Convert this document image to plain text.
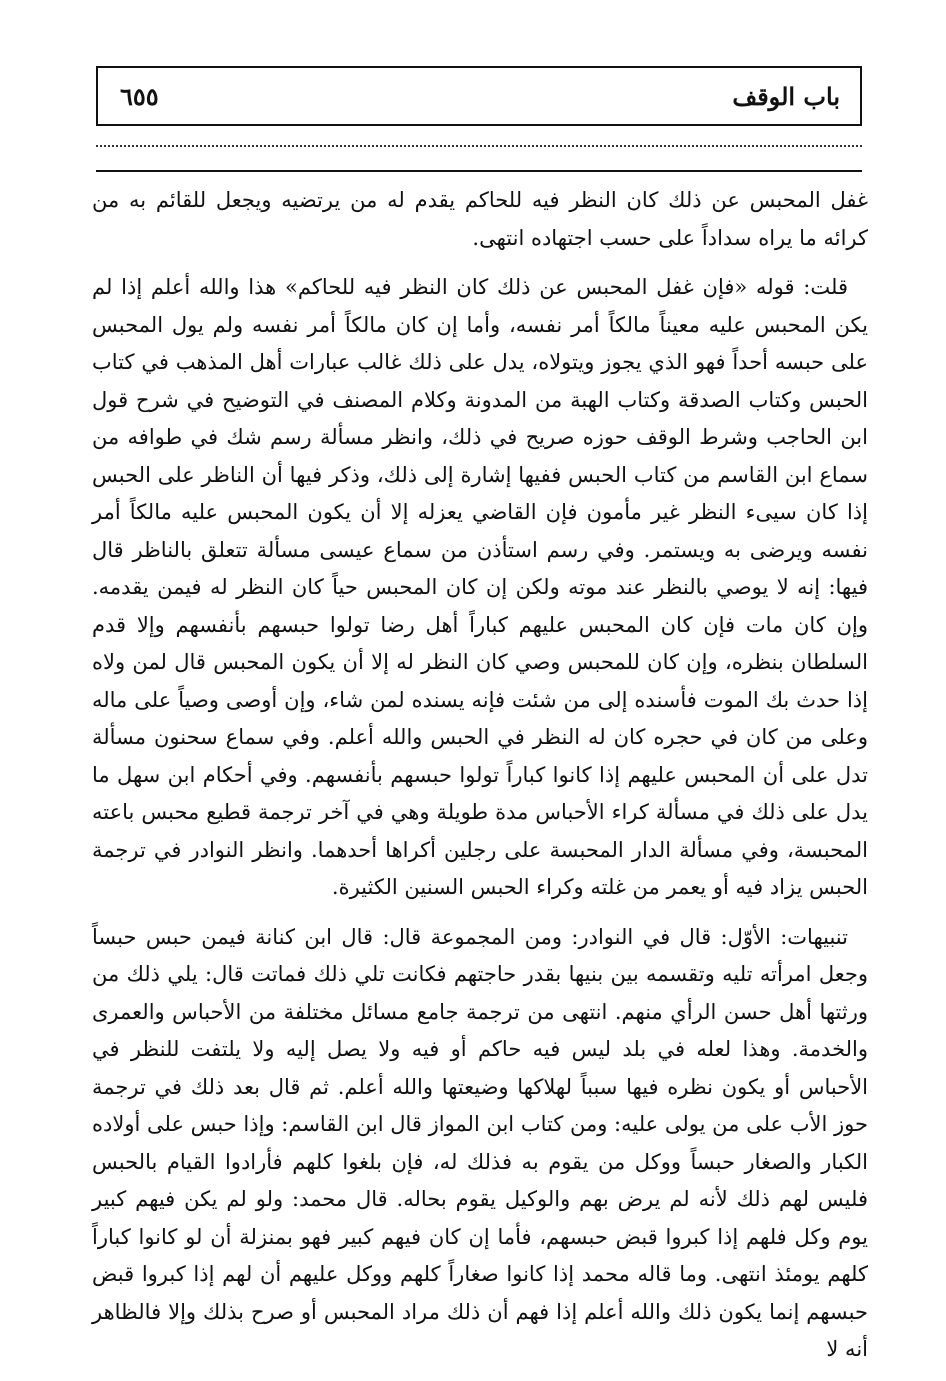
٦٥٥	باب الوقف

غفل المحبس عن ذلك كان النظر فيه للحاكم يقدم له من يرتضيه ويجعل للقائم به من كرائه ما يراه سداداً على حسب اجتهاده انتهى.

قلت: قوله «فإن غفل المحبس عن ذلك كان النظر فيه للحاكم» هذا والله أعلم إذا لم يكن المحبس عليه معيناً مالكاً أمر نفسه، وأما إن كان مالكاً أمر نفسه ولم يول المحبس على حبسه أحداً فهو الذي يجوز ويتولاه، يدل على ذلك غالب عبارات أهل المذهب في كتاب الحبس وكتاب الصدقة وكتاب الهبة من المدونة وكلام المصنف في التوضيح في شرح قول ابن الحاجب وشرط الوقف حوزه صريح في ذلك، وانظر مسألة رسم شك في طوافه من سماع ابن القاسم من كتاب الحبس ففيها إشارة إلى ذلك، وذكر فيها أن الناظر على الحبس إذا كان سيىء النظر غير مأمون فإن القاضي يعزله إلا أن يكون المحبس عليه مالكاً أمر نفسه ويرضى به ويستمر. وفي رسم استأذن من سماع عيسى مسألة تتعلق بالناظر قال فيها: إنه لا يوصي بالنظر عند موته ولكن إن كان المحبس حياً كان النظر له فيمن يقدمه. وإن كان مات فإن كان المحبس عليهم كباراً أهل رضا تولوا حبسهم بأنفسهم وإلا قدم السلطان بنظره، وإن كان للمحبس وصي كان النظر له إلا أن يكون المحبس قال لمن ولاه إذا حدث بك الموت فأسنده إلى من شئت فإنه يسنده لمن شاء، وإن أوصى وصياً على ماله وعلى من كان في حجره كان له النظر في الحبس والله أعلم. وفي سماع سحنون مسألة تدل على أن المحبس عليهم إذا كانوا كباراً تولوا حبسهم بأنفسهم. وفي أحكام ابن سهل ما يدل على ذلك في مسألة كراء الأحباس مدة طويلة وهي في آخر ترجمة قطيع محبس باعته المحبسة، وفي مسألة الدار المحبسة على رجلين أكراها أحدهما. وانظر النوادر في ترجمة الحبس يزاد فيه أو يعمر من غلته وكراء الحبس السنين الكثيرة.

تنبيهات: الأوّل: قال في النوادر: ومن المجموعة قال: قال ابن كنانة فيمن حبس حبساً وجعل امرأته تليه وتقسمه بين بنيها بقدر حاجتهم فكانت تلي ذلك فماتت قال: يلي ذلك من ورثتها أهل حسن الرأي منهم. انتهى من ترجمة جامع مسائل مختلفة من الأحباس والعمرى والخدمة. وهذا لعله في بلد ليس فيه حاكم أو فيه ولا يصل إليه ولا يلتفت للنظر في الأحباس أو يكون نظره فيها سبباً لهلاكها وضيعتها والله أعلم. ثم قال بعد ذلك في ترجمة حوز الأب على من يولى عليه: ومن كتاب ابن المواز قال ابن القاسم: وإذا حبس على أولاده الكبار والصغار حبساً ووكل من يقوم به فذلك له، فإن بلغوا كلهم فأرادوا القيام بالحبس فليس لهم ذلك لأنه لم يرض بهم والوكيل يقوم بحاله. قال محمد: ولو لم يكن فيهم كبير يوم وكل فلهم إذا كبروا قبض حبسهم، فأما إن كان فيهم كبير فهو بمنزلة أن لو كانوا كباراً كلهم يومئذ انتهى. وما قاله محمد إذا كانوا صغاراً كلهم ووكل عليهم أن لهم إذا كبروا قبض حبسهم إنما يكون ذلك والله أعلم إذا فهم أن ذلك مراد المحبس أو صرح بذلك وإلا فالظاهر أنه لا
